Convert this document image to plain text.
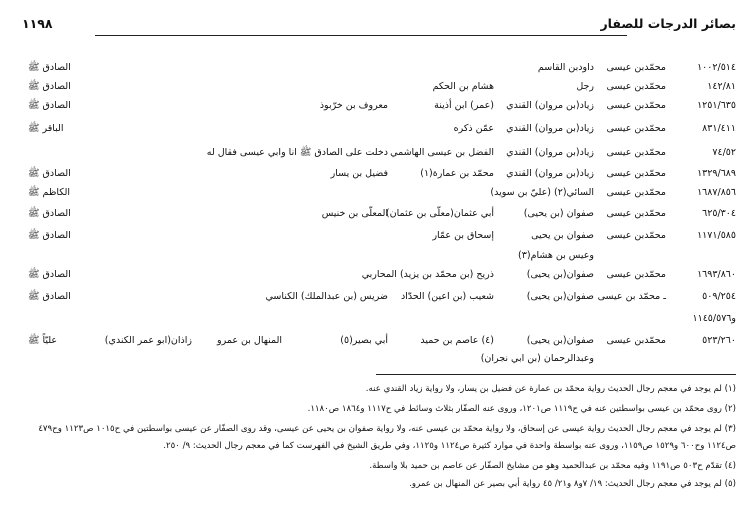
بصائر الدرجات للصفار
١١٩٨
١٠٠٢/٥١٤
محمّدبن عيسى
داودبن القاسم
الصادق ﷺ
١٤٢/٨١
محمّدبن عيسى
رجل
هشام بن الحكم
الصادق ﷺ
١٢٥١/٦٣٥
محمّدبن عيسى
زياد(بن مروان) القندي
(عمر) ابن أذينة
معروف بن خرّبوذ
الصادق ﷺ
٨٣١/٤١١
محمّدبن عيسى
زياد(بن مروان) القندي
عمّن ذكره
الباقر ﷺ
٧٤/٥٢
محمّدبن عيسى
زياد(بن مروان) القندي
الفضل بن عيسى الهاشمي
دخلت على الصادق ﷺ انا وابي عيسى فقال له
١٣٢٩/٦٨٩
محمّدبن عيسى
زياد(بن مروان) القندي
محمّد بن عمارة(١)
فضيل بن يسار
الصادق ﷺ
١٦٨٧/٨٥٦
محمّدبن عيسى
السائي(٢) (عليّ بن سويد)
الكاظم ﷺ
٦٢٥/٣٠٤
محمّدبن عيسى
صفوان (بن يحيى)
أبي عثمان(معلّى بن عثمان)
المعلّى بن خنيس
الصادق ﷺ
١١٧١/٥٨٥
محمّدبن عيسى
صفوان بن يحيى
إسحاق بن عمّار
الصادق ﷺ
وعيس بن هشام(٣)
١٦٩٣/٨٦٠
محمّدبن عيسى
صفوان(بن يحيى)
ذريح (بن محمّد بن يزيد) المحاربي
الصادق ﷺ
٥٠٩/٢٥٤
ـ محمّد بن عيسى
صفوان(بن يحيى)
شعيب (بن اعين) الحدّاد
ضريس (بن عبدالملك) الكناسي
الصادق ﷺ
و١١٤٥/٥٧٦
٥٢٣/٢٦٠
محمّدبن عيسى
صفوان(بن يحيى)
(٤) عاصم بن حميد
أبي بصير(٥)
المنهال بن عمرو
زاذان(ابو عمر الكندي)
عليّاً ﷺ
وعبدالرحمان (بن ابي نجران)
(١) لم يوجد في معجم رجال الحديث رواية محمّد بن عمارة عن فضيل بن يسار، ولا رواية زياد القندي عنه.
(٢) روى محمّد بن عيسى بواسطتين عنه في ح١١١٩ ص١٢٠١، وروى عنه الصفّار بثلاث وسائط في ح١١١٧ و١٨٦٤ ص١١٨٠.
(٣) لم يوجد في معجم رجال الحديث رواية عيسى عن إسحاق، ولا رواية محمّد بن عيسى عنه، ولا رواية صفوان بن يحيى عن عيسى، وقد روى الصفّار عن عيسى بواسطتين في ح١٠١٥ ص١١٢٣ وح٤٧٩
ص١١٢٤ وح٦٠٠ و١٥٢٩ ص١١٥٩، وروى عنه بواسطة واحدة في موارد كثيرة ص١١٢٤ و١١٢٥، وفي طريق الشيخ في الفهرست كما في معجم رجال الحديث: ٩/ ٢٥٠.
(٤) تقدّم ح٥٠٣ ص١١٩١ وفيه محمّد بن عبدالحميد وهو من مشايخ الصفّار عن عاصم بن حميد بلا واسطة.
(٥) لم يوجد في معجم رجال الحديث: ١٩/ ٧و٨ و٢١/ ٤٥ رواية أبي بصير عن المنهال بن عمرو.
